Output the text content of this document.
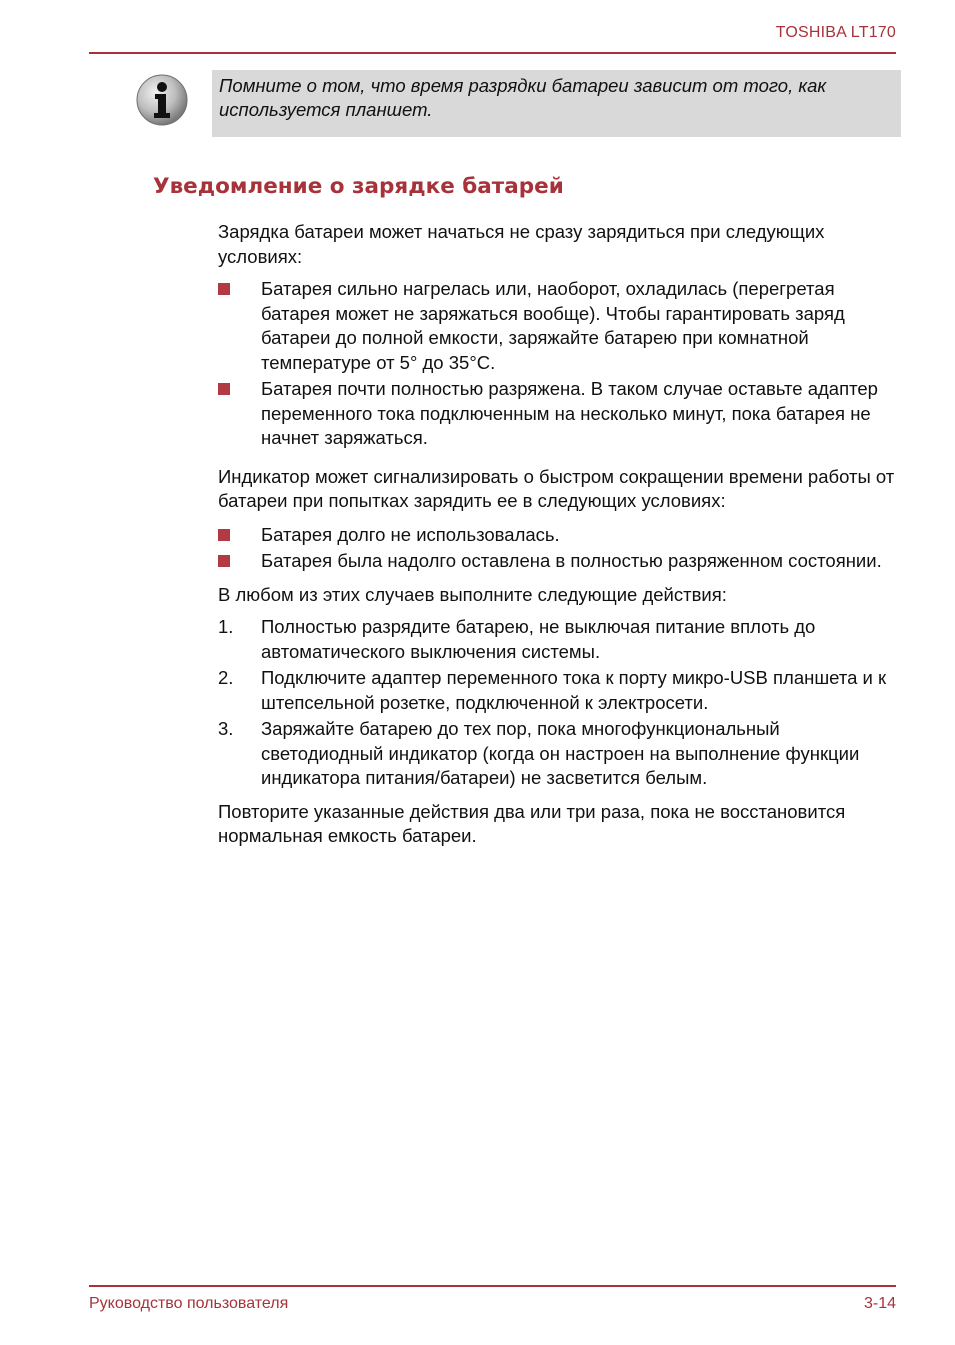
TOSHIBA LT170
Помните о том, что время разрядки батареи зависит от того, как используется планшет.
Уведомление о зарядке батарей

Зарядка батареи может начаться не сразу зарядиться при следующих условиях:

Батарея сильно нагрелась или, наоборот, охладилась (перегретая батарея может не заряжаться вообще). Чтобы гарантировать заряд батареи до полной емкости, заряжайте батарею при комнатной температуре от 5° до 35°C.
Батарея почти полностью разряжена. В таком случае оставьте адаптер переменного тока подключенным на несколько минут, пока батарея не начнет заряжаться.

Индикатор может сигнализировать о быстром сокращении времени работы от батареи при попытках зарядить ее в следующих условиях:

Батарея долго не использовалась.
Батарея была надолго оставлена в полностью разряженном состоянии.

В любом из этих случаев выполните следующие действия:

1. Полностью разрядите батарею, не выключая питание вплоть до автоматического выключения системы.
2. Подключите адаптер переменного тока к порту микро-USB планшета и к штепсельной розетке, подключенной к электросети.
3. Заряжайте батарею до тех пор, пока многофункциональный светодиодный индикатор (когда он настроен на выполнение функции индикатора питания/батареи) не засветится белым.

Повторите указанные действия два или три раза, пока не восстановится нормальная емкость батареи.

Руководство пользователя	3-14
